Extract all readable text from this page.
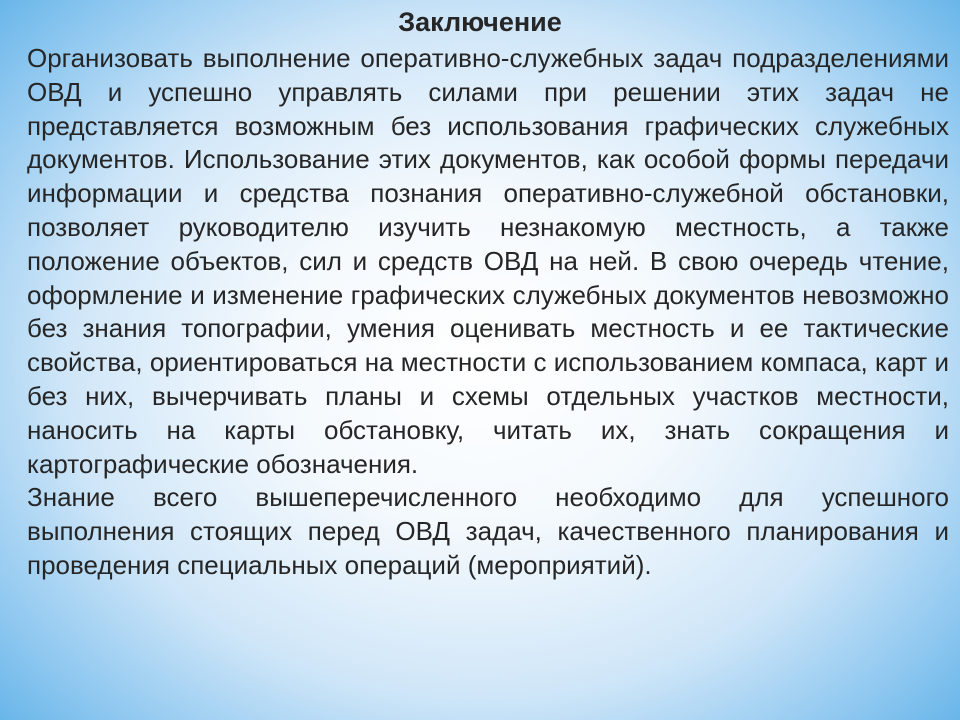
Заключение

Организовать выполнение оперативно-служебных задач подразделениями ОВД и успешно управлять силами при решении этих задач не представляется возможным без использования графических служебных документов. Использование этих документов, как особой формы передачи информации и средства познания оперативно-служебной обстановки, позволяет руководителю изучить незнакомую местность, а также положение объектов, сил и средств ОВД на ней. В свою очередь чтение, оформление и изменение графических служебных документов невозможно без знания топографии, умения оценивать местность и ее тактические свойства, ориентироваться на местности с использованием компаса, карт и без них, вычерчивать планы и схемы отдельных участков местности, наносить на карты обстановку, читать их, знать сокращения и картографические обозначения.

Знание всего вышеперечисленного необходимо для успешного выполнения стоящих перед ОВД задач, качественного планирования и проведения специальных операций (мероприятий).
